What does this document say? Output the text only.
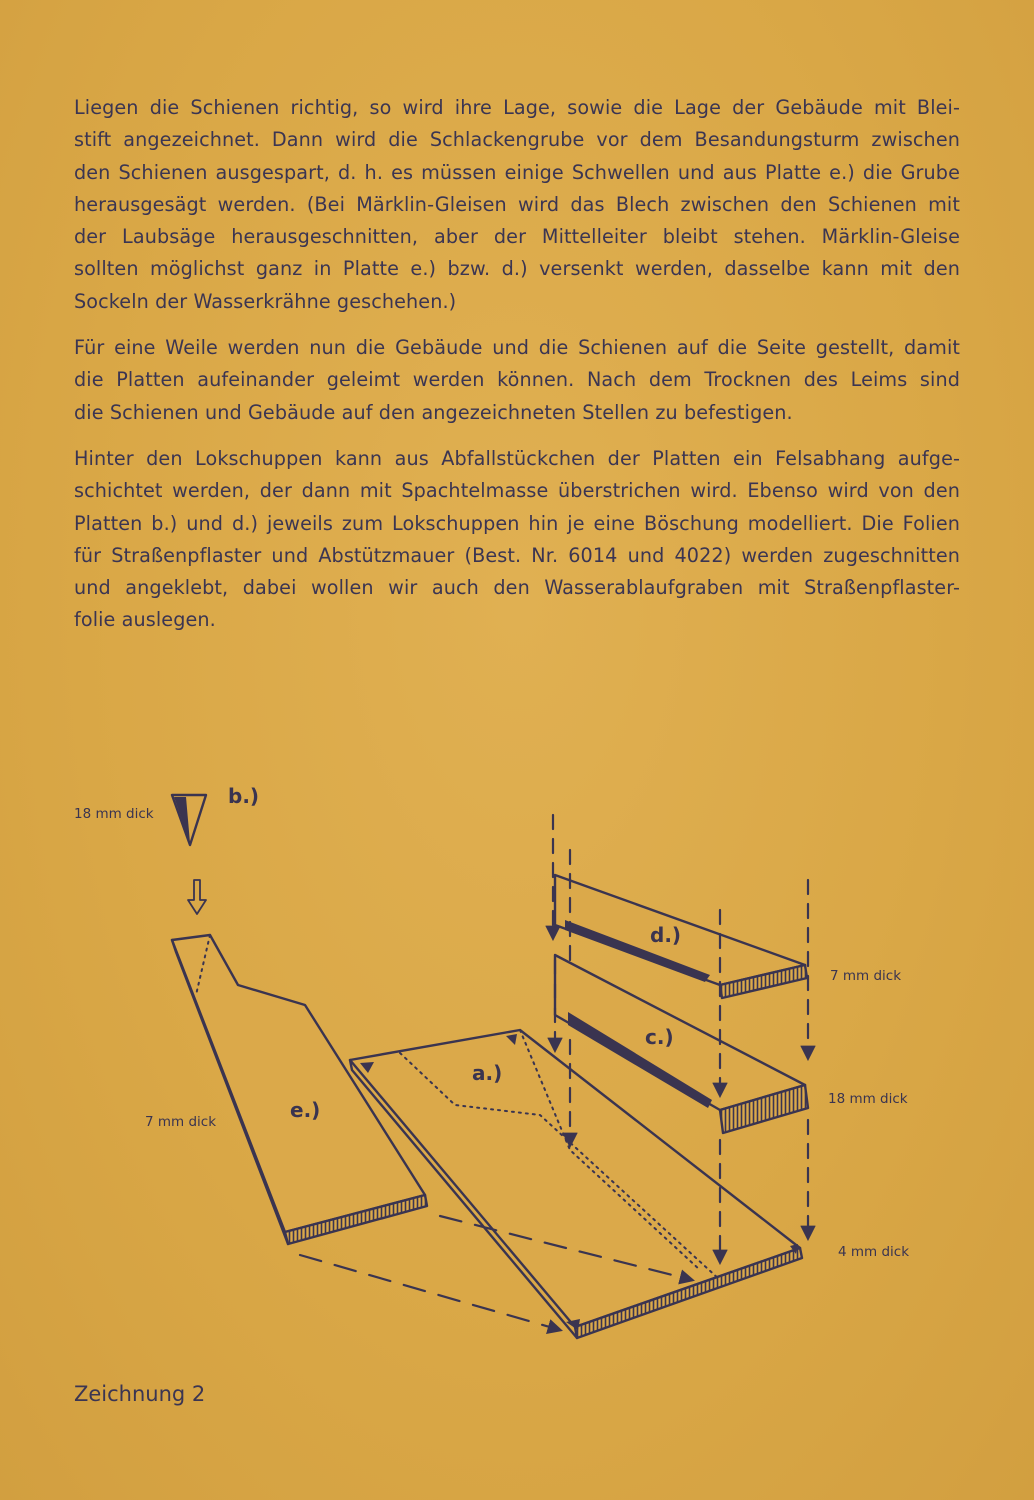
Liegen die Schienen richtig, so wird ihre Lage, sowie die Lage der Gebäude mit Blei-
stift angezeichnet. Dann wird die Schlackengrube vor dem Besandungsturm zwischen
den Schienen ausgespart, d. h. es müssen einige Schwellen und aus Platte e.) die Grube
herausgesägt werden. (Bei Märklin-Gleisen wird das Blech zwischen den Schienen mit
der Laubsäge herausgeschnitten, aber der Mittelleiter bleibt stehen. Märklin-Gleise
sollten möglichst ganz in Platte e.) bzw. d.) versenkt werden, dasselbe kann mit den
Sockeln der Wasserkrähne geschehen.)

Für eine Weile werden nun die Gebäude und die Schienen auf die Seite gestellt, damit
die Platten aufeinander geleimt werden können. Nach dem Trocknen des Leims sind
die Schienen und Gebäude auf den angezeichneten Stellen zu befestigen.

Hinter den Lokschuppen kann aus Abfallstückchen der Platten ein Felsabhang aufge-
schichtet werden, der dann mit Spachtelmasse überstrichen wird. Ebenso wird von den
Platten b.) und d.) jeweils zum Lokschuppen hin je eine Böschung modelliert. Die Folien
für Straßenpflaster und Abstützmauer (Best. Nr. 6014 und 4022) werden zugeschnitten
und angeklebt, dabei wollen wir auch den Wasserablaufgraben mit Straßenpflaster-
folie auslegen.

b.)
18 mm dick
e.)
7 mm dick
a.)
d.)
7 mm dick
c.)
18 mm dick
4 mm dick
Zeichnung 2
